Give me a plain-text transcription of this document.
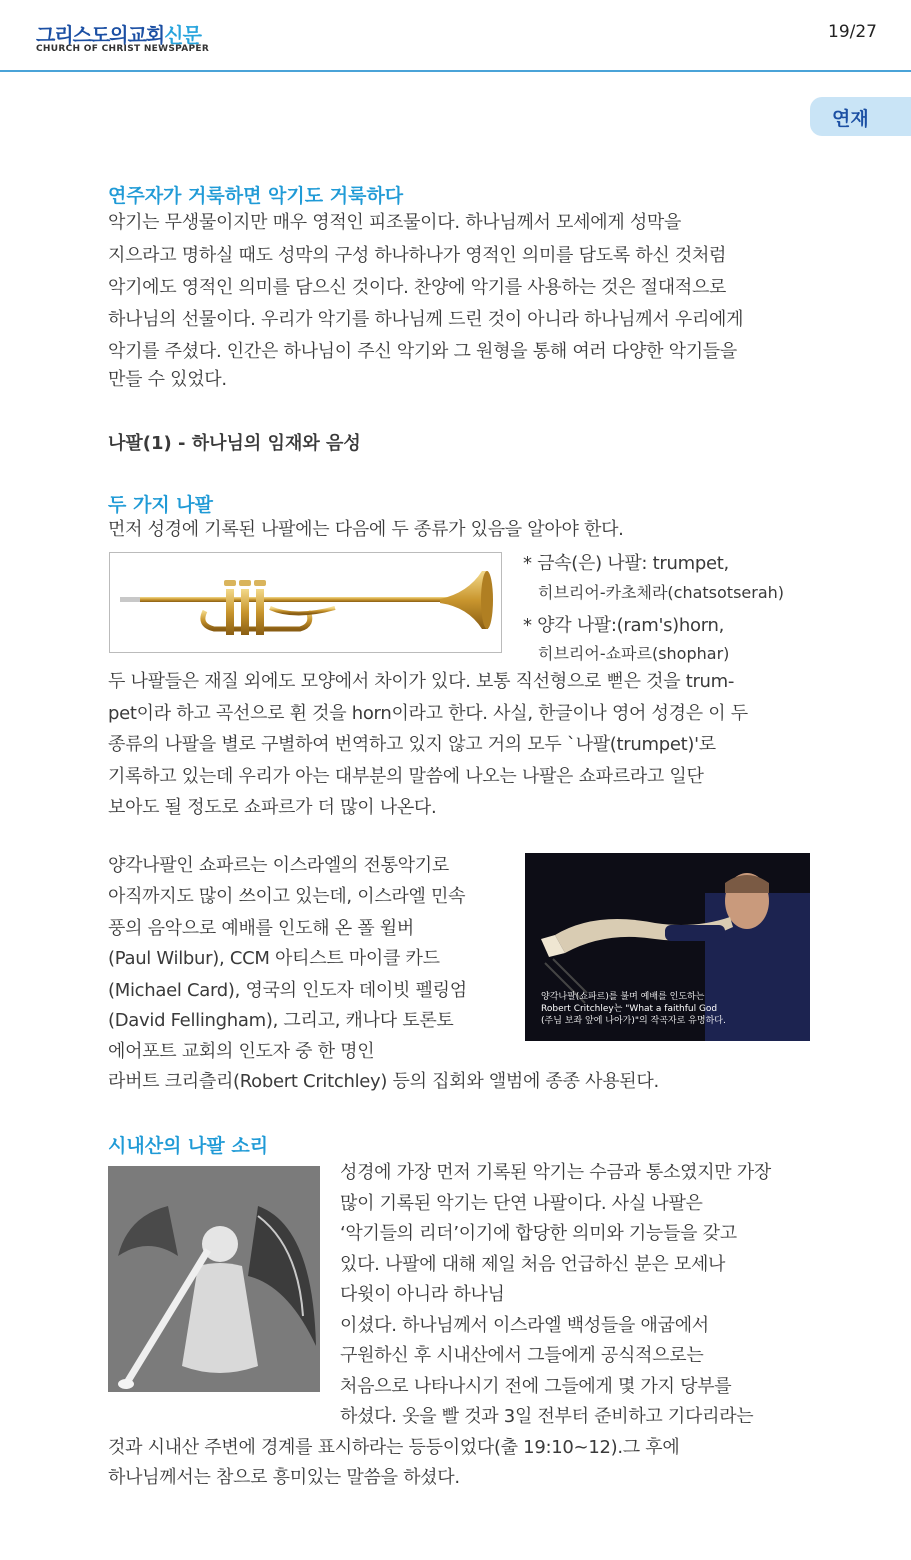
그리스도의교회신문
CHURCH OF CHRIST NEWSPAPER
19/27
연재
연주자가 거룩하면 악기도 거룩하다
악기는 무생물이지만 매우 영적인 피조물이다. 하나님께서 모세에게 성막을
지으라고 명하실 때도 성막의 구성 하나하나가 영적인 의미를 담도록 하신 것처럼
악기에도 영적인 의미를 담으신 것이다. 찬양에 악기를 사용하는 것은 절대적으로
하나님의 선물이다. 우리가 악기를 하나님께 드린 것이 아니라 하나님께서 우리에게
악기를 주셨다. 인간은 하나님이 주신 악기와 그 원형을 통해 여러 다양한 악기들을
만들 수 있었다.
나팔(1) - 하나님의 임재와 음성
두 가지 나팔
먼저 성경에 기록된 나팔에는 다음에 두 종류가 있음을 알아야 한다.
* 금속(은) 나팔: trumpet,
히브리어-카초체라(chatsotserah)
* 양각 나팔:(ram's)horn,
히브리어-쇼파르(shophar)
두 나팔들은 재질 외에도 모양에서 차이가 있다. 보통 직선형으로 뻗은 것을 trum-
pet이라 하고 곡선으로 휜 것을 horn이라고 한다. 사실, 한글이나 영어 성경은 이 두
종류의 나팔을 별로 구별하여 번역하고 있지 않고 거의 모두 `나팔(trumpet)'로
기록하고 있는데 우리가 아는 대부분의 말씀에 나오는 나팔은 쇼파르라고 일단
보아도 될 정도로 쇼파르가 더 많이 나온다.
양각나팔인 쇼파르는 이스라엘의 전통악기로
아직까지도 많이 쓰이고 있는데, 이스라엘 민속
풍의 음악으로 예배를 인도해 온 폴 윌버
(Paul Wilbur), CCM 아티스트 마이클 카드
(Michael Card), 영국의 인도자 데이빗 펠링엄
(David Fellingham), 그리고, 캐나다 토론토
에어포트 교회의 인도자 중 한 명인
라버트 크리츨리(Robert Critchley) 등의 집회와 앨범에 종종 사용된다.
양각나팔(쇼파르)를 불며 예배를 인도하는
Robert Critchley는 "What a faithful God
(주님 보좌 앞에 나아가)"의 작곡자로 유명하다.
시내산의 나팔 소리
성경에 가장 먼저 기록된 악기는 수금과 통소였지만 가장
많이 기록된 악기는 단연 나팔이다. 사실 나팔은
‘악기들의 리더’이기에 합당한 의미와 기능들을 갖고
있다. 나팔에 대해 제일 처음 언급하신 분은 모세나
다윗이 아니라 하나님
이셨다. 하나님께서 이스라엘 백성들을 애굽에서
구원하신 후 시내산에서 그들에게 공식적으로는
처음으로 나타나시기 전에 그들에게 몇 가지 당부를
하셨다. 옷을 빨 것과 3일 전부터 준비하고 기다리라는
것과 시내산 주변에 경계를 표시하라는 등등이었다(출 19:10~12).그 후에
하나님께서는 참으로 흥미있는 말씀을 하셨다.
